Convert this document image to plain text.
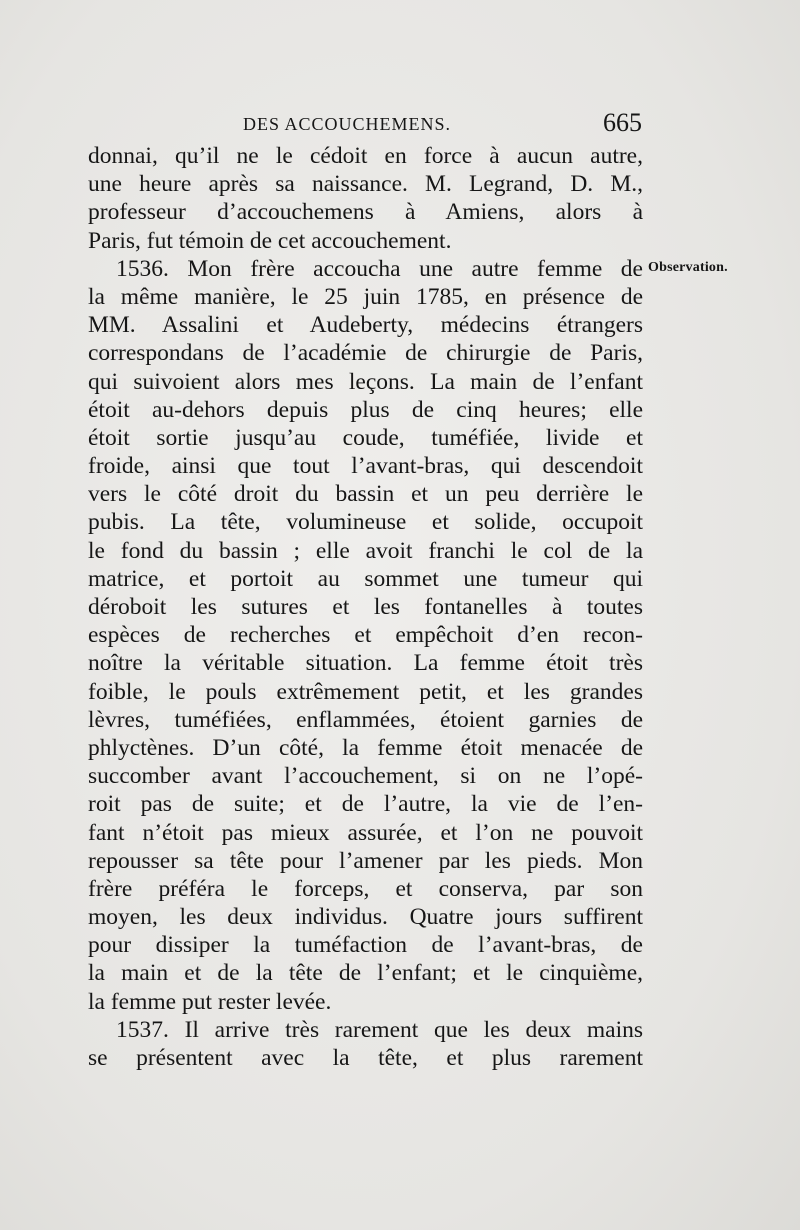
DES ACCOUCHEMENS.	665
Observation.
donnai, qu’il ne le cédoit en force à aucun autre,
une heure après sa naissance. M. Legrand, D. M.,
professeur d’accouchemens à Amiens, alors à
Paris, fut témoin de cet accouchement.
1536. Mon frère accoucha une autre femme de
la même manière, le 25 juin 1785, en présence de
MM. Assalini et Audeberty, médecins étrangers
correspondans de l’académie de chirurgie de Paris,
qui suivoient alors mes leçons. La main de l’enfant
étoit au-dehors depuis plus de cinq heures; elle
étoit sortie jusqu’au coude, tuméfiée, livide et
froide, ainsi que tout l’avant-bras, qui descendoit
vers le côté droit du bassin et un peu derrière le
pubis. La tête, volumineuse et solide, occupoit
le fond du bassin ; elle avoit franchi le col de la
matrice, et portoit au sommet une tumeur qui
déroboit les sutures et les fontanelles à toutes
espèces de recherches et empêchoit d’en recon-
noître la véritable situation. La femme étoit très
foible, le pouls extrêmement petit, et les grandes
lèvres, tuméfiées, enflammées, étoient garnies de
phlyctènes. D’un côté, la femme étoit menacée de
succomber avant l’accouchement, si on ne l’opé-
roit pas de suite; et de l’autre, la vie de l’en-
fant n’étoit pas mieux assurée, et l’on ne pouvoit
repousser sa tête pour l’amener par les pieds. Mon
frère préféra le forceps, et conserva, par son
moyen, les deux individus. Quatre jours suffirent
pour dissiper la tuméfaction de l’avant-bras, de
la main et de la tête de l’enfant; et le cinquième,
la femme put rester levée.
1537. Il arrive très rarement que les deux mains
se présentent avec la tête, et plus rarement
